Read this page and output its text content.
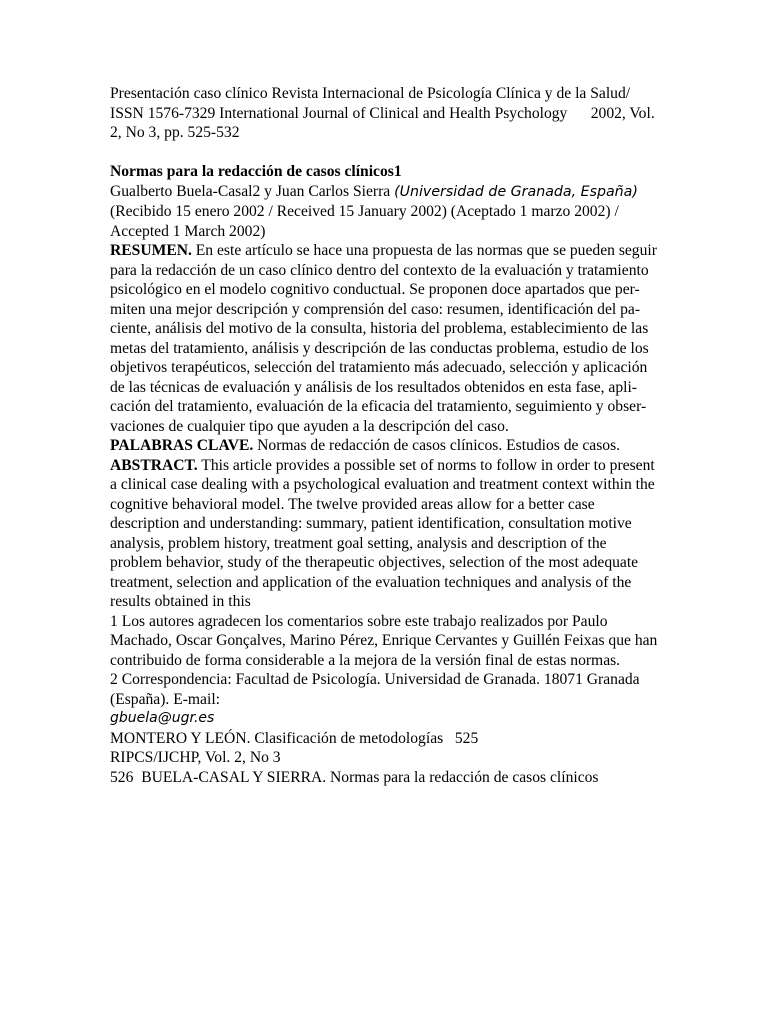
Presentación caso clínico Revista Internacional de Psicología Clínica y de la Salud/  ISSN 1576-7329 International Journal of Clinical and Health Psychology      2002, Vol. 2, No 3, pp. 525-532

Normas para la redacción de casos clínicos1

Gualberto Buela-Casal2 y Juan Carlos Sierra (Universidad de Granada, España)

(Recibido 15 enero 2002 / Received 15 January 2002) (Aceptado 1 marzo 2002) / Accepted 1 March 2002)

RESUMEN. En este artículo se hace una propuesta de las normas que se pueden seguir para la redacción de un caso clínico dentro del contexto de la evaluación y tratamiento psicológico en el modelo cognitivo conductual. Se proponen doce apartados que per- miten una mejor descripción y comprensión del caso: resumen, identificación del pa- ciente, análisis del motivo de la consulta, historia del problema, establecimiento de las metas del tratamiento, análisis y descripción de las conductas problema, estudio de los objetivos terapéuticos, selección del tratamiento más adecuado, selección y aplicación de las técnicas de evaluación y análisis de los resultados obtenidos en esta fase, apli- cación del tratamiento, evaluación de la eficacia del tratamiento, seguimiento y obser- vaciones de cualquier tipo que ayuden a la descripción del caso.

PALABRAS CLAVE. Normas de redacción de casos clínicos. Estudios de casos.

ABSTRACT. This article provides a possible set of norms to follow in order to present a clinical case dealing with a psychological evaluation and treatment context within the cognitive behavioral model. The twelve provided areas allow for a better case description and understanding: summary, patient identification, consultation motive analysis, problem history, treatment goal setting, analysis and description of the problem behavior, study of the therapeutic objectives, selection of the most adequate treatment, selection and application of the evaluation techniques and analysis of the results obtained in this

1 Los autores agradecen los comentarios sobre este trabajo realizados por Paulo Machado, Oscar Gonçalves, Marino Pérez, Enrique Cervantes y Guillén Feixas que han contribuido de forma considerable a la mejora de la versión final de estas normas.

2 Correspondencia: Facultad de Psicología. Universidad de Granada. 18071 Granada (España). E-mail:

gbuela@ugr.es

MONTERO Y LEÓN. Clasificación de metodologías   525

RIPCS/IJCHP, Vol. 2, No 3

526  BUELA-CASAL Y SIERRA. Normas para la redacción de casos clínicos
